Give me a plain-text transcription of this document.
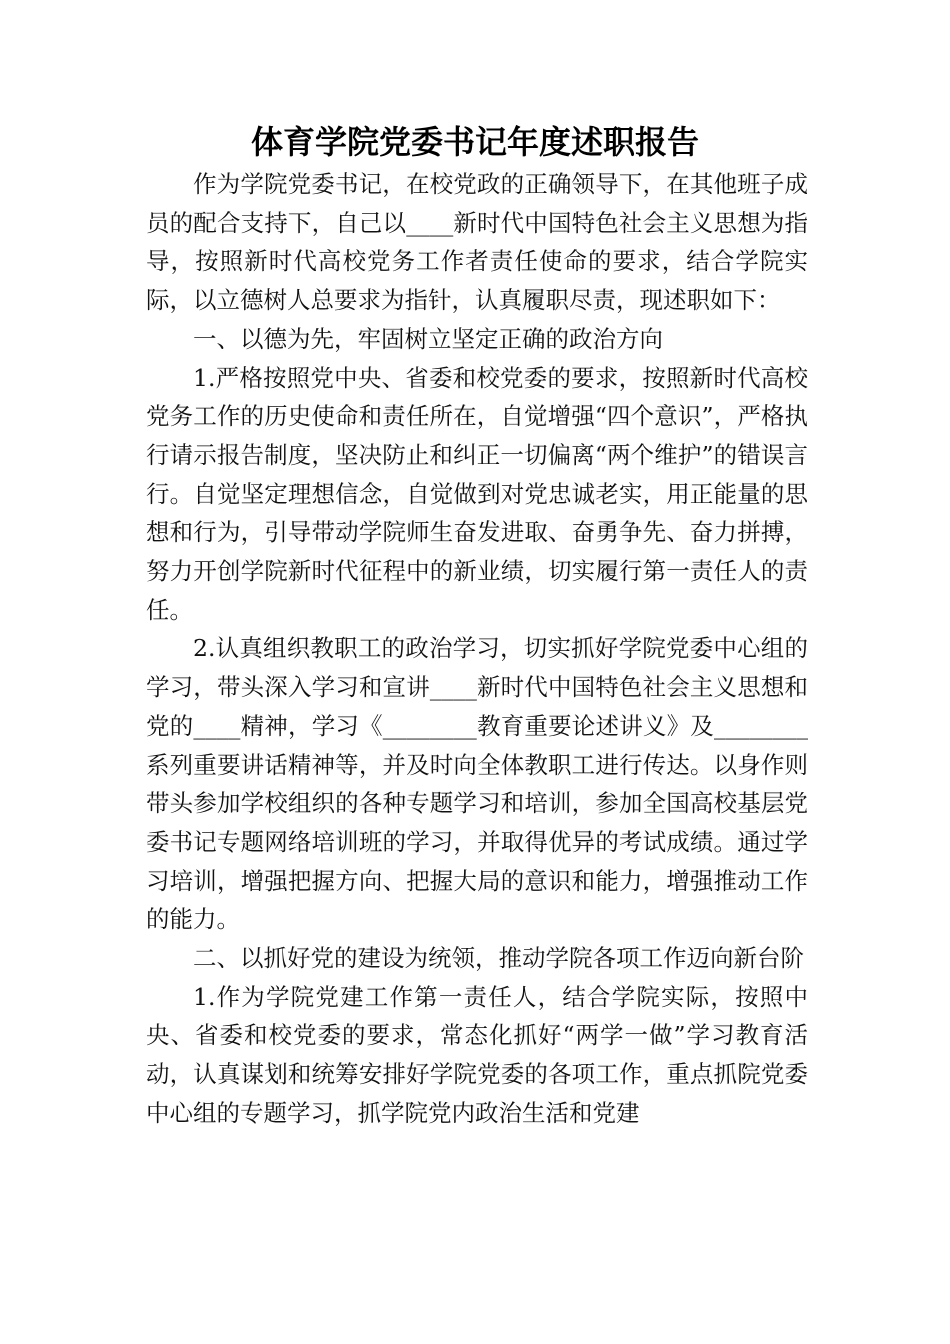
体育学院党委书记年度述职报告

作为学院党委书记，在校党政的正确领导下，在其他班子成员的配合支持下，自己以____新时代中国特色社会主义思想为指导，按照新时代高校党务工作者责任使命的要求，结合学院实际，以立德树人总要求为指针，认真履职尽责，现述职如下：

一、以德为先，牢固树立坚定正确的政治方向

1.严格按照党中央、省委和校党委的要求，按照新时代高校党务工作的历史使命和责任所在，自觉增强“四个意识”，严格执行请示报告制度，坚决防止和纠正一切偏离“两个维护”的错误言行。自觉坚定理想信念，自觉做到对党忠诚老实，用正能量的思想和行为，引导带动学院师生奋发进取、奋勇争先、奋力拼搏，努力开创学院新时代征程中的新业绩，切实履行第一责任人的责任。

2.认真组织教职工的政治学习，切实抓好学院党委中心组的学习，带头深入学习和宣讲____新时代中国特色社会主义思想和党的____精神，学习《________教育重要论述讲义》及________系列重要讲话精神等，并及时向全体教职工进行传达。以身作则带头参加学校组织的各种专题学习和培训，参加全国高校基层党委书记专题网络培训班的学习，并取得优异的考试成绩。通过学习培训，增强把握方向、把握大局的意识和能力，增强推动工作的能力。

二、以抓好党的建设为统领，推动学院各项工作迈向新台阶

1.作为学院党建工作第一责任人，结合学院实际，按照中央、省委和校党委的要求，常态化抓好“两学一做”学习教育活动，认真谋划和统筹安排好学院党委的各项工作，重点抓院党委中心组的专题学习，抓学院党内政治生活和党建
